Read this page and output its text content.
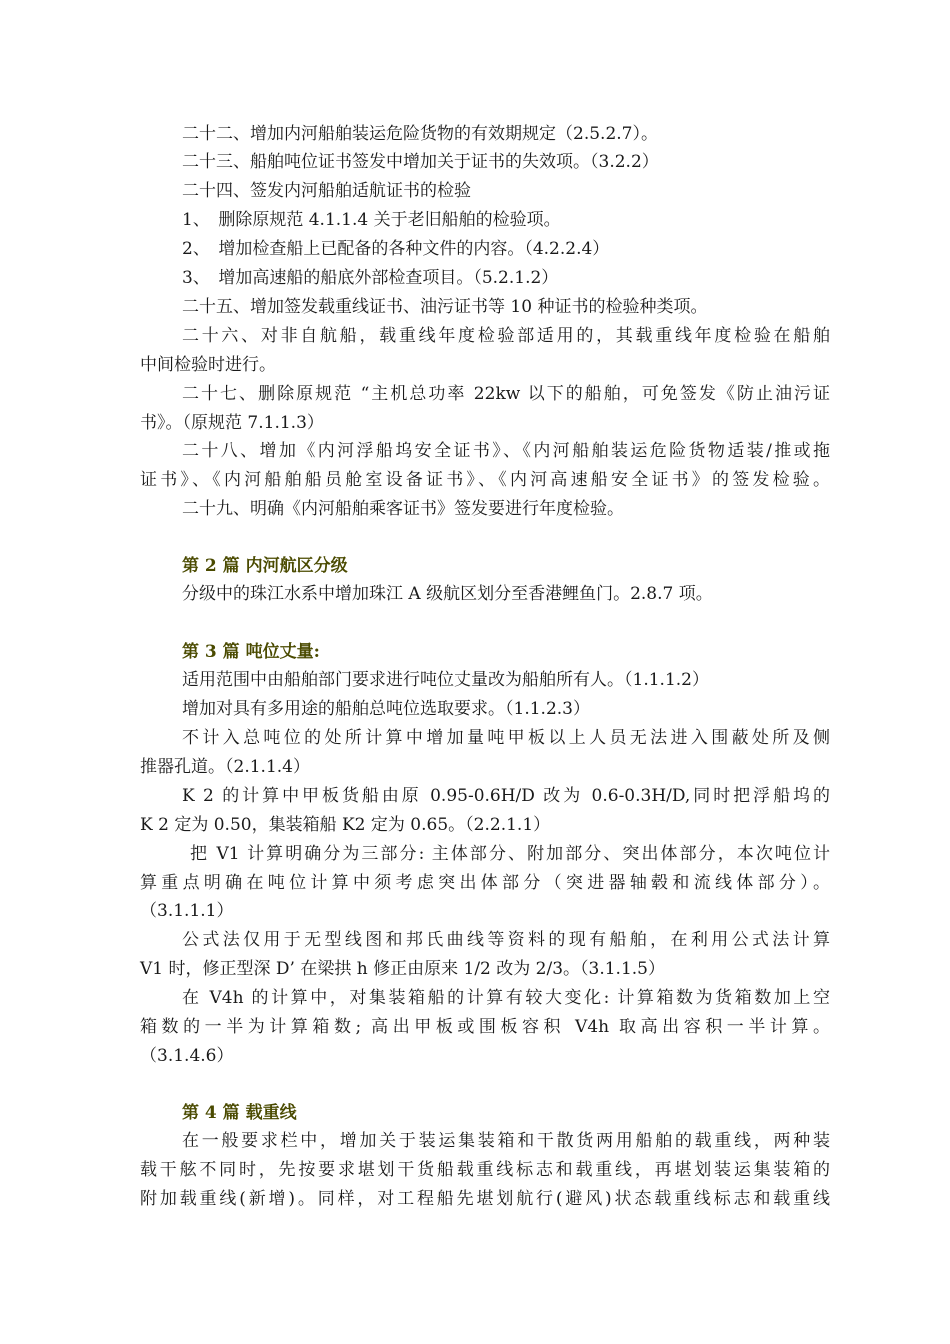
二十二、增加内河船舶装运危险货物的有效期规定（2.5.2.7）。
二十三、船舶吨位证书签发中增加关于证书的失效项。（3.2.2）
二十四、签发内河船舶适航证书的检验
1、　删除原规范 4.1.1.4 关于老旧船舶的检验项。
2、　增加检查船上已配备的各种文件的内容。（4.2.2.4）
3、　增加高速船的船底外部检查项目。（5.2.1.2）
二十五、增加签发载重线证书、油污证书等 10 种证书的检验种类项。
二十六、对非自航船，载重线年度检验部适用的，其载重线年度检验在船舶
中间检验时进行。
二十七、删除原规范 “主机总功率 22kw 以下的船舶，可免签发《防止油污证
书》。（原规范 7.1.1.3）
二十八、增加《内河浮船坞安全证书》、《内河船舶装运危险货物适装/推或拖
证书》、《内河船舶船员舱室设备证书》、《内河高速船安全证书》的签发检验。
二十九、明确《内河船舶乘客证书》签发要进行年度检验。
第 2 篇 内河航区分级
分级中的珠江水系中增加珠江 A 级航区划分至香港鲤鱼门。2.8.7 项。
第 3 篇 吨位丈量:
适用范围中由船舶部门要求进行吨位丈量改为船舶所有人。（1.1.1.2）
增加对具有多用途的船舶总吨位选取要求。（1.1.2.3）
不计入总吨位的处所计算中增加量吨甲板以上人员无法进入围蔽处所及侧
推器孔道。（2.1.1.4）
K 2 的计算中甲板货船由原 0.95-0.6H/D 改为 0.6-0.3H/D,同时把浮船坞的
K 2 定为 0.50，集装箱船 K2 定为 0.65。（2.2.1.1）
把 V1 计算明确分为三部分: 主体部分、附加部分、突出体部分，本次吨位计
算重点明确在吨位计算中须考虑突出体部分（突进器轴毂和流线体部分）。
（3.1.1.1）
公式法仅用于无型线图和邦氏曲线等资料的现有船舶，在利用公式法计算
V1 时，修正型深 D’ 在梁拱 h 修正由原来 1/2 改为 2/3。（3.1.1.5）
在 V4h 的计算中，对集装箱船的计算有较大变化: 计算箱数为货箱数加上空
箱数的一半为计算箱数; 高出甲板或围板容积 V4h 取高出容积一半计算。
（3.1.4.6）
第 4 篇 载重线
在一般要求栏中，增加关于装运集装箱和干散货两用船舶的载重线，两种装
载干舷不同时，先按要求堪划干货船载重线标志和载重线，再堪划装运集装箱的
附加载重线(新增)。同样，对工程船先堪划航行(避风)状态载重线标志和载重线
